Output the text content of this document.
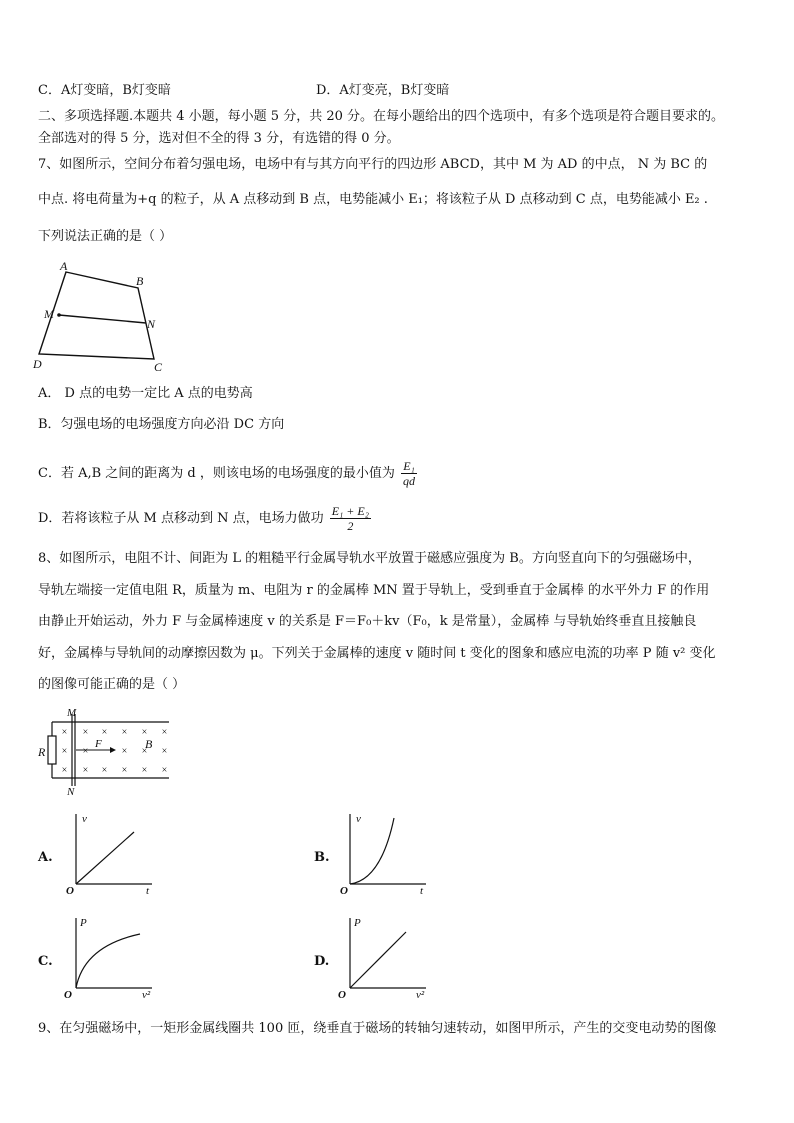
C．A灯变暗，B灯变暗	D．A灯变亮，B灯变暗
二、多项选择题.本题共 4 小题，每小题 5 分，共 20 分。在每小题给出的四个选项中，有多个选项是符合题目要求的。
全部选对的得 5 分，选对但不全的得 3 分，有选错的得 0 分。
7、如图所示，空间分布着匀强电场，电场中有与其方向平行的四边形 ABCD，其中 M 为 AD 的中点， N 为 BC 的
中点. 将电荷量为+q 的粒子，从 A 点移动到 B 点，电势能减小 E₁；将该粒子从 D 点移动到 C 点，电势能减小 E₂ .
下列说法正确的是（ ）
A
B
M
N
D	C
A． D 点的电势一定比 A 点的电势高
B．匀强电场的电场强度方向必沿 DC 方向
C．若 A,B 之间的距离为 d ，则该电场的电场强度的最小值为 $\frac{\text{E₁}}{qd}$
D．若将该粒子从 M 点移动到 N 点，电场力做功 $\frac{\text{E₁ + E₂}}{2}$
8、如图所示，电阻不计、间距为 L 的粗糙平行金属导轨水平放置于磁感应强度为 B。方向竖直向下的匀强磁场中，
导轨左端接一定值电阻 R，质量为 m、电阻为 r 的金属棒 MN 置于导轨上，受到垂直于金属棒 的水平外力 F 的作用
由静止开始运动，外力 F 与金属棒速度 v 的关系是 F＝F₀＋kv（F₀，k 是常量），金属棒 与导轨始终垂直且接触良
好，金属棒与导轨间的动摩擦因数为 μ。下列关于金属棒的速度 v 随时间 t 变化的图象和感应电流的功率 P 随 v² 变化
的图像可能正确的是（ ）
R
M
N
×
×
×
× × × × ×
×	× × ×
× × × × ×
F	B
A.
v
t
O
B.
v
t
O
C.
P
v²
O
D.
P
v²
O
9、在匀强磁场中，一矩形金属线圈共 100 匝，绕垂直于磁场的转轴匀速转动，如图甲所示，产生的交变电动势的图像
